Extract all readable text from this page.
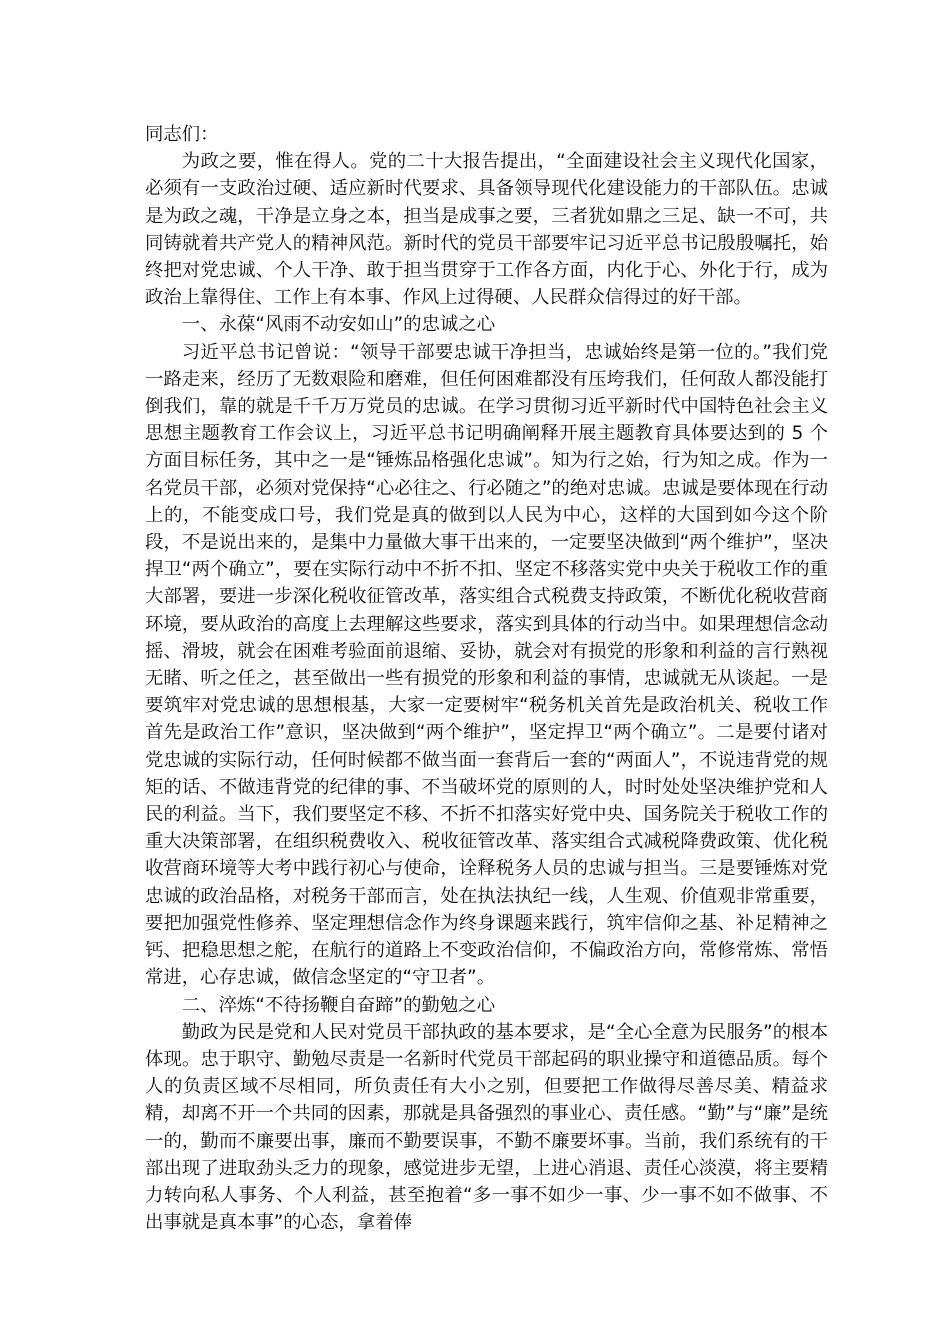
同志们：

为政之要，惟在得人。党的二十大报告提出，“全面建设社会主义现代化国家，必须有一支政治过硬、适应新时代要求、具备领导现代化建设能力的干部队伍。忠诚是为政之魂，干净是立身之本，担当是成事之要，三者犹如鼎之三足、缺一不可，共同铸就着共产党人的精神风范。新时代的党员干部要牢记习近平总书记殷殷嘱托，始终把对党忠诚、个人干净、敢于担当贯穿于工作各方面，内化于心、外化于行，成为政治上靠得住、工作上有本事、作风上过得硬、人民群众信得过的好干部。

一、永葆“风雨不动安如山”的忠诚之心

习近平总书记曾说：“领导干部要忠诚干净担当，忠诚始终是第一位的。”我们党一路走来，经历了无数艰险和磨难，但任何困难都没有压垮我们，任何敌人都没能打倒我们，靠的就是千千万万党员的忠诚。在学习贯彻习近平新时代中国特色社会主义思想主题教育工作会议上，习近平总书记明确阐释开展主题教育具体要达到的 5 个方面目标任务，其中之一是“锤炼品格强化忠诚”。知为行之始，行为知之成。作为一名党员干部，必须对党保持“心必往之、行必随之”的绝对忠诚。忠诚是要体现在行动上的，不能变成口号，我们党是真的做到以人民为中心，这样的大国到如今这个阶段，不是说出来的，是集中力量做大事干出来的，一定要坚决做到“两个维护”，坚决捍卫“两个确立”，要在实际行动中不折不扣、坚定不移落实党中央关于税收工作的重大部署，要进一步深化税收征管改革，落实组合式税费支持政策，不断优化税收营商环境，要从政治的高度上去理解这些要求，落实到具体的行动当中。如果理想信念动摇、滑坡，就会在困难考验面前退缩、妥协，就会对有损党的形象和利益的言行熟视无睹、听之任之，甚至做出一些有损党的形象和利益的事情，忠诚就无从谈起。一是要筑牢对党忠诚的思想根基，大家一定要树牢“税务机关首先是政治机关、税收工作首先是政治工作”意识，坚决做到“两个维护”，坚定捍卫“两个确立”。二是要付诸对党忠诚的实际行动，任何时候都不做当面一套背后一套的“两面人”，不说违背党的规矩的话、不做违背党的纪律的事、不当破坏党的原则的人，时时处处坚决维护党和人民的利益。当下，我们要坚定不移、不折不扣落实好党中央、国务院关于税收工作的重大决策部署，在组织税费收入、税收征管改革、落实组合式减税降费政策、优化税收营商环境等大考中践行初心与使命，诠释税务人员的忠诚与担当。三是要锤炼对党忠诚的政治品格，对税务干部而言，处在执法执纪一线，人生观、价值观非常重要，要把加强党性修养、坚定理想信念作为终身课题来践行，筑牢信仰之基、补足精神之钙、把稳思想之舵，在航行的道路上不变政治信仰，不偏政治方向，常修常炼、常悟常进，心存忠诚，做信念坚定的“守卫者”。

二、淬炼“不待扬鞭自奋蹄”的勤勉之心

勤政为民是党和人民对党员干部执政的基本要求，是“全心全意为民服务”的根本体现。忠于职守、勤勉尽责是一名新时代党员干部起码的职业操守和道德品质。每个人的负责区域不尽相同，所负责任有大小之别，但要把工作做得尽善尽美、精益求精，却离不开一个共同的因素，那就是具备强烈的事业心、责任感。“勤”与“廉”是统一的，勤而不廉要出事，廉而不勤要误事，不勤不廉要坏事。当前，我们系统有的干部出现了进取劲头乏力的现象，感觉进步无望，上进心消退、责任心淡漠，将主要精力转向私人事务、个人利益，甚至抱着“多一事不如少一事、少一事不如不做事、不出事就是真本事”的心态，拿着俸
